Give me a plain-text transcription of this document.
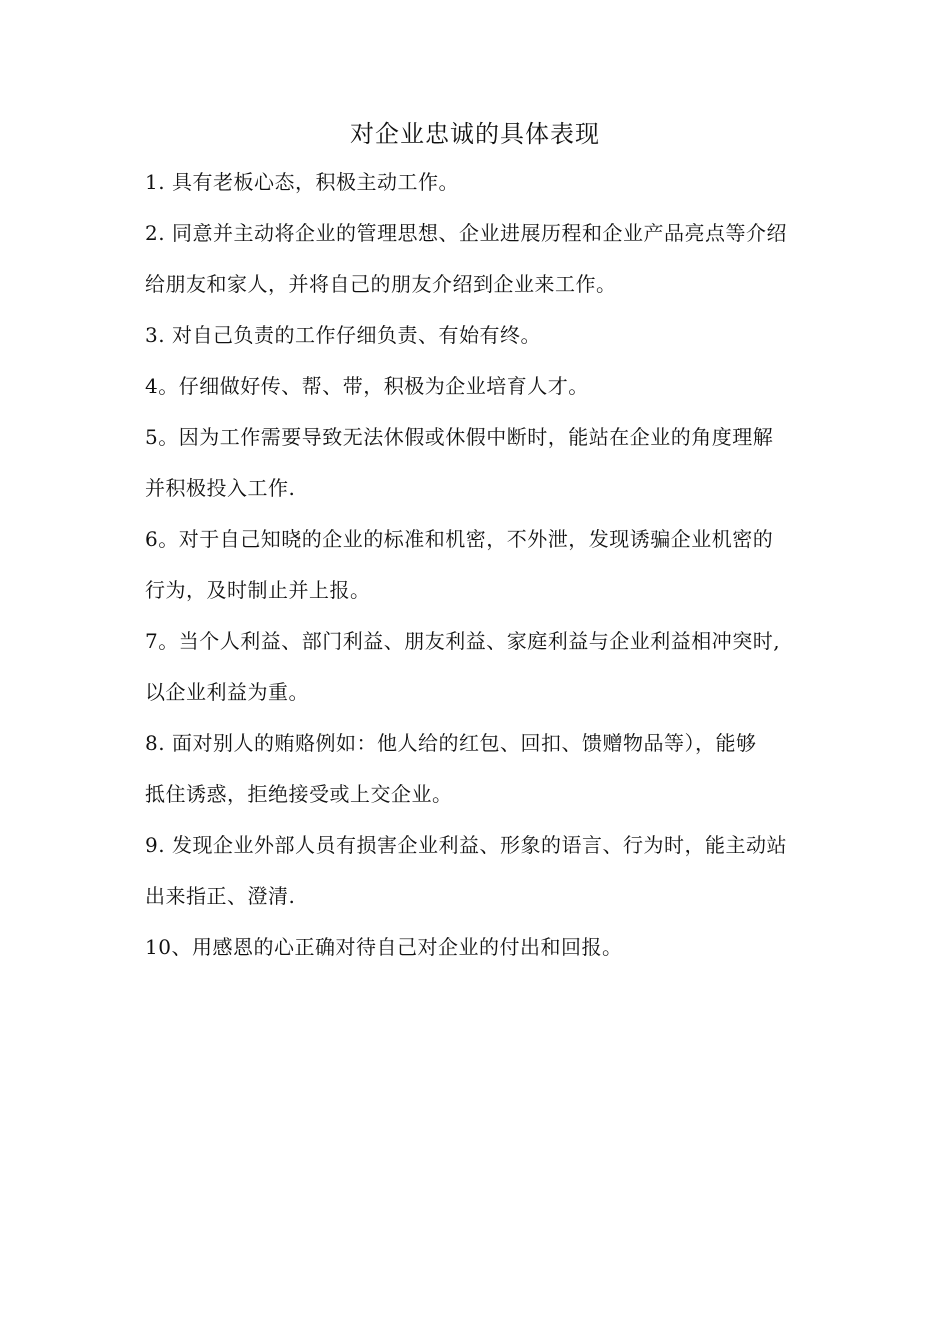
对企业忠诚的具体表现
1. 具有老板心态，积极主动工作。
2. 同意并主动将企业的管理思想、企业进展历程和企业产品亮点等介绍
给朋友和家人，并将自己的朋友介绍到企业来工作。
3. 对自己负责的工作仔细负责、有始有终。
4。仔细做好传、帮、带，积极为企业培育人才。
5。因为工作需要导致无法休假或休假中断时，能站在企业的角度理解
并积极投入工作.
6。对于自己知晓的企业的标准和机密，不外泄，发现诱骗企业机密的
行为，及时制止并上报。
7。当个人利益、部门利益、朋友利益、家庭利益与企业利益相冲突时,
以企业利益为重。
8. 面对别人的贿赂例如：他人给的红包、回扣、馈赠物品等），能够
抵住诱惑，拒绝接受或上交企业。
9. 发现企业外部人员有损害企业利益、形象的语言、行为时，能主动站
出来指正、澄清.
10、用感恩的心正确对待自己对企业的付出和回报。
